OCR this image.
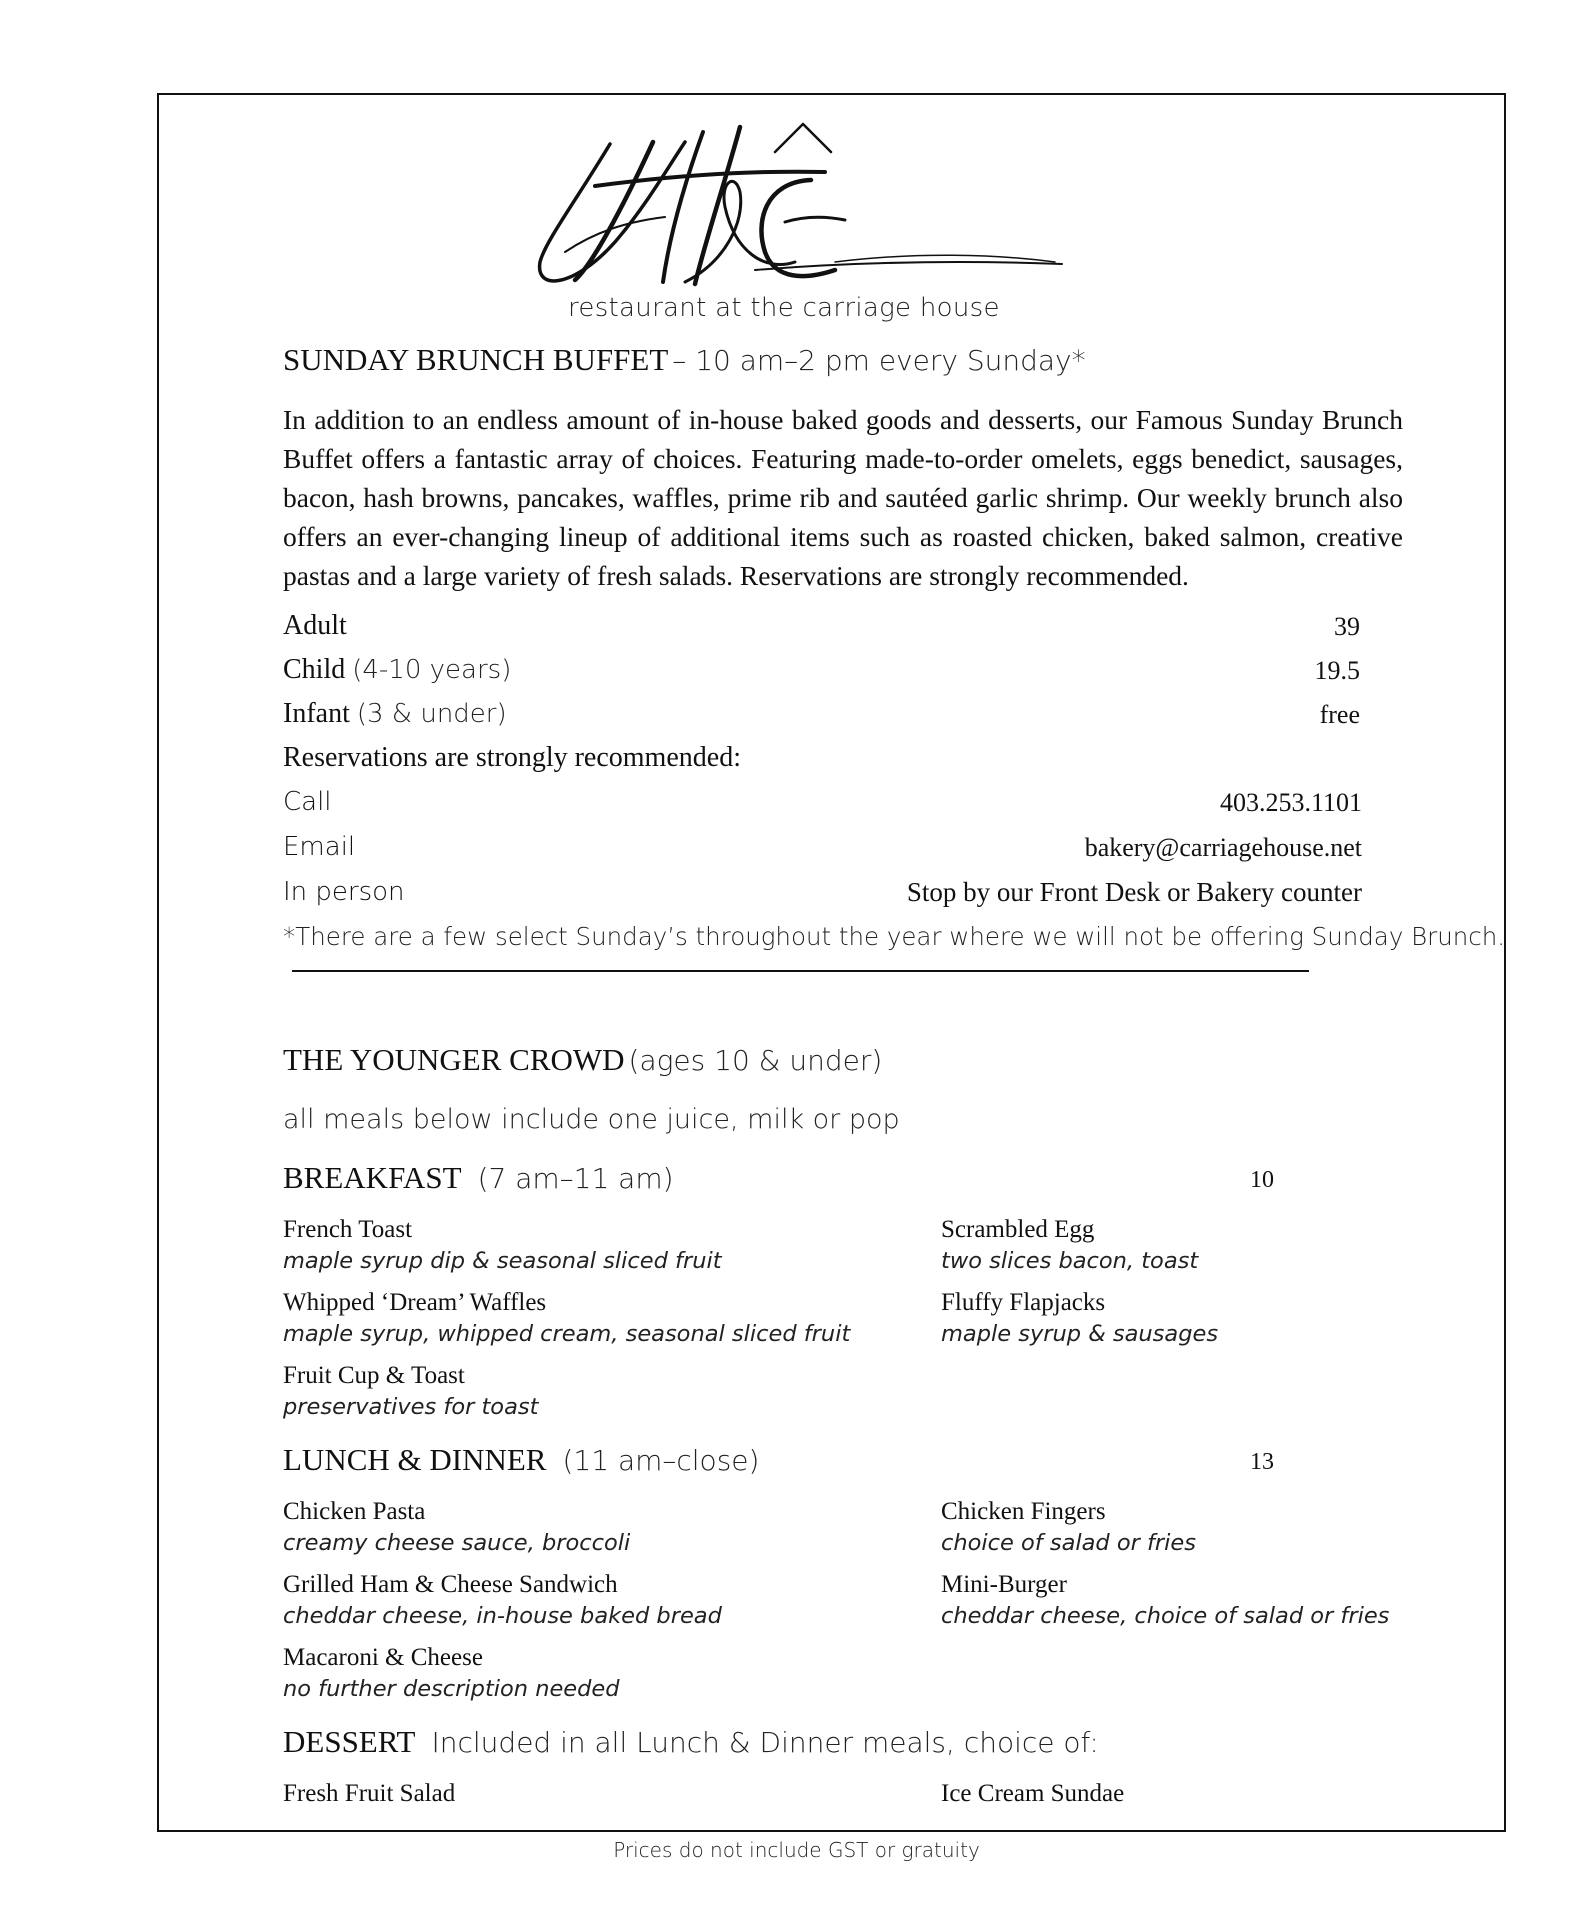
restaurant at the carriage house
SUNDAY BRUNCH BUFFET – 10 am–2 pm every Sunday*
In addition to an endless amount of in-house baked goods and desserts, our Famous Sunday Brunch Buffet offers a fantastic array of choices. Featuring made-to-order omelets, eggs benedict, sausages, bacon, hash browns, pancakes, waffles, prime rib and sautéed garlic shrimp. Our weekly brunch also offers an ever-changing lineup of additional items such as roasted chicken, baked salmon, creative pastas and a large variety of fresh salads. Reservations are strongly recommended.
Adult	39
Child (4-10 years)	19.5
Infant (3 & under)	free
Reservations are strongly recommended:
Call	403.253.1101
Email	bakery@carriagehouse.net
In person	Stop by our Front Desk or Bakery counter
*There are a few select Sunday’s throughout the year where we will not be offering Sunday Brunch.
THE YOUNGER CROWD (ages 10 & under)
all meals below include one juice, milk or pop
BREAKFAST (7 am–11 am)	10
French Toast
maple syrup dip & seasonal sliced fruit
Scrambled Egg
two slices bacon, toast
Whipped ‘Dream’ Waffles
maple syrup, whipped cream, seasonal sliced fruit
Fluffy Flapjacks
maple syrup & sausages
Fruit Cup & Toast
preservatives for toast
LUNCH & DINNER (11 am–close)	13
Chicken Pasta
creamy cheese sauce, broccoli
Chicken Fingers
choice of salad or fries
Grilled Ham & Cheese Sandwich
cheddar cheese, in-house baked bread
Mini-Burger
cheddar cheese, choice of salad or fries
Macaroni & Cheese
no further description needed
DESSERT Included in all Lunch & Dinner meals, choice of:
Fresh Fruit Salad	Ice Cream Sundae
Prices do not include GST or gratuity
